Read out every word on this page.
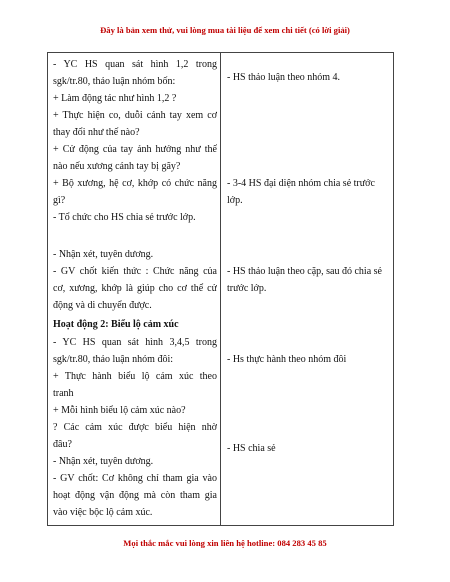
Đây là bản xem thử, vui lòng mua tài liệu để xem chi tiết (có lời giải)
- YC HS quan sát hình 1,2 trong
sgk/tr.80, thảo luận nhóm bốn:
+ Làm động tác như hình 1,2 ?
+ Thực hiện co, duỗi cánh tay xem cơ
thay đổi như thế nào?
+ Cử động của tay ảnh hưởng như thế
nào nếu xương cánh tay bị gãy?
+ Bộ xương, hệ cơ, khớp có chức năng
gì?
- Tổ chức cho HS chia sẻ trước lớp.
- Nhận xét, tuyên dương.
- GV chốt kiến thức : Chức năng của
cơ, xương, khớp là giúp cho cơ thể cử
động và di chuyển được.
Hoạt động 2: Biểu lộ cảm xúc
- YC HS quan sát hình 3,4,5 trong
sgk/tr.80, thảo luận nhóm đôi:
+ Thực hành biểu lộ cảm xúc theo
tranh
+ Mỗi hình biểu lộ cảm xúc nào?
? Các cảm xúc được biểu hiện nhờ
đâu?
- Nhận xét, tuyên dương.
- GV chốt: Cơ không chỉ tham gia vào
hoạt động vận động mà còn tham gia
vào việc bộc lộ cảm xúc.
- HS thảo luận theo nhóm 4.
- 3-4 HS đại diện nhóm chia sẻ trước
lớp.
- HS thảo luận theo cặp, sau đó chia sẻ
trước lớp.
- Hs thực hành theo nhóm đôi
- HS chia sẻ
Mọi thắc mắc vui lòng xin liên hệ hotline: 084 283 45 85
